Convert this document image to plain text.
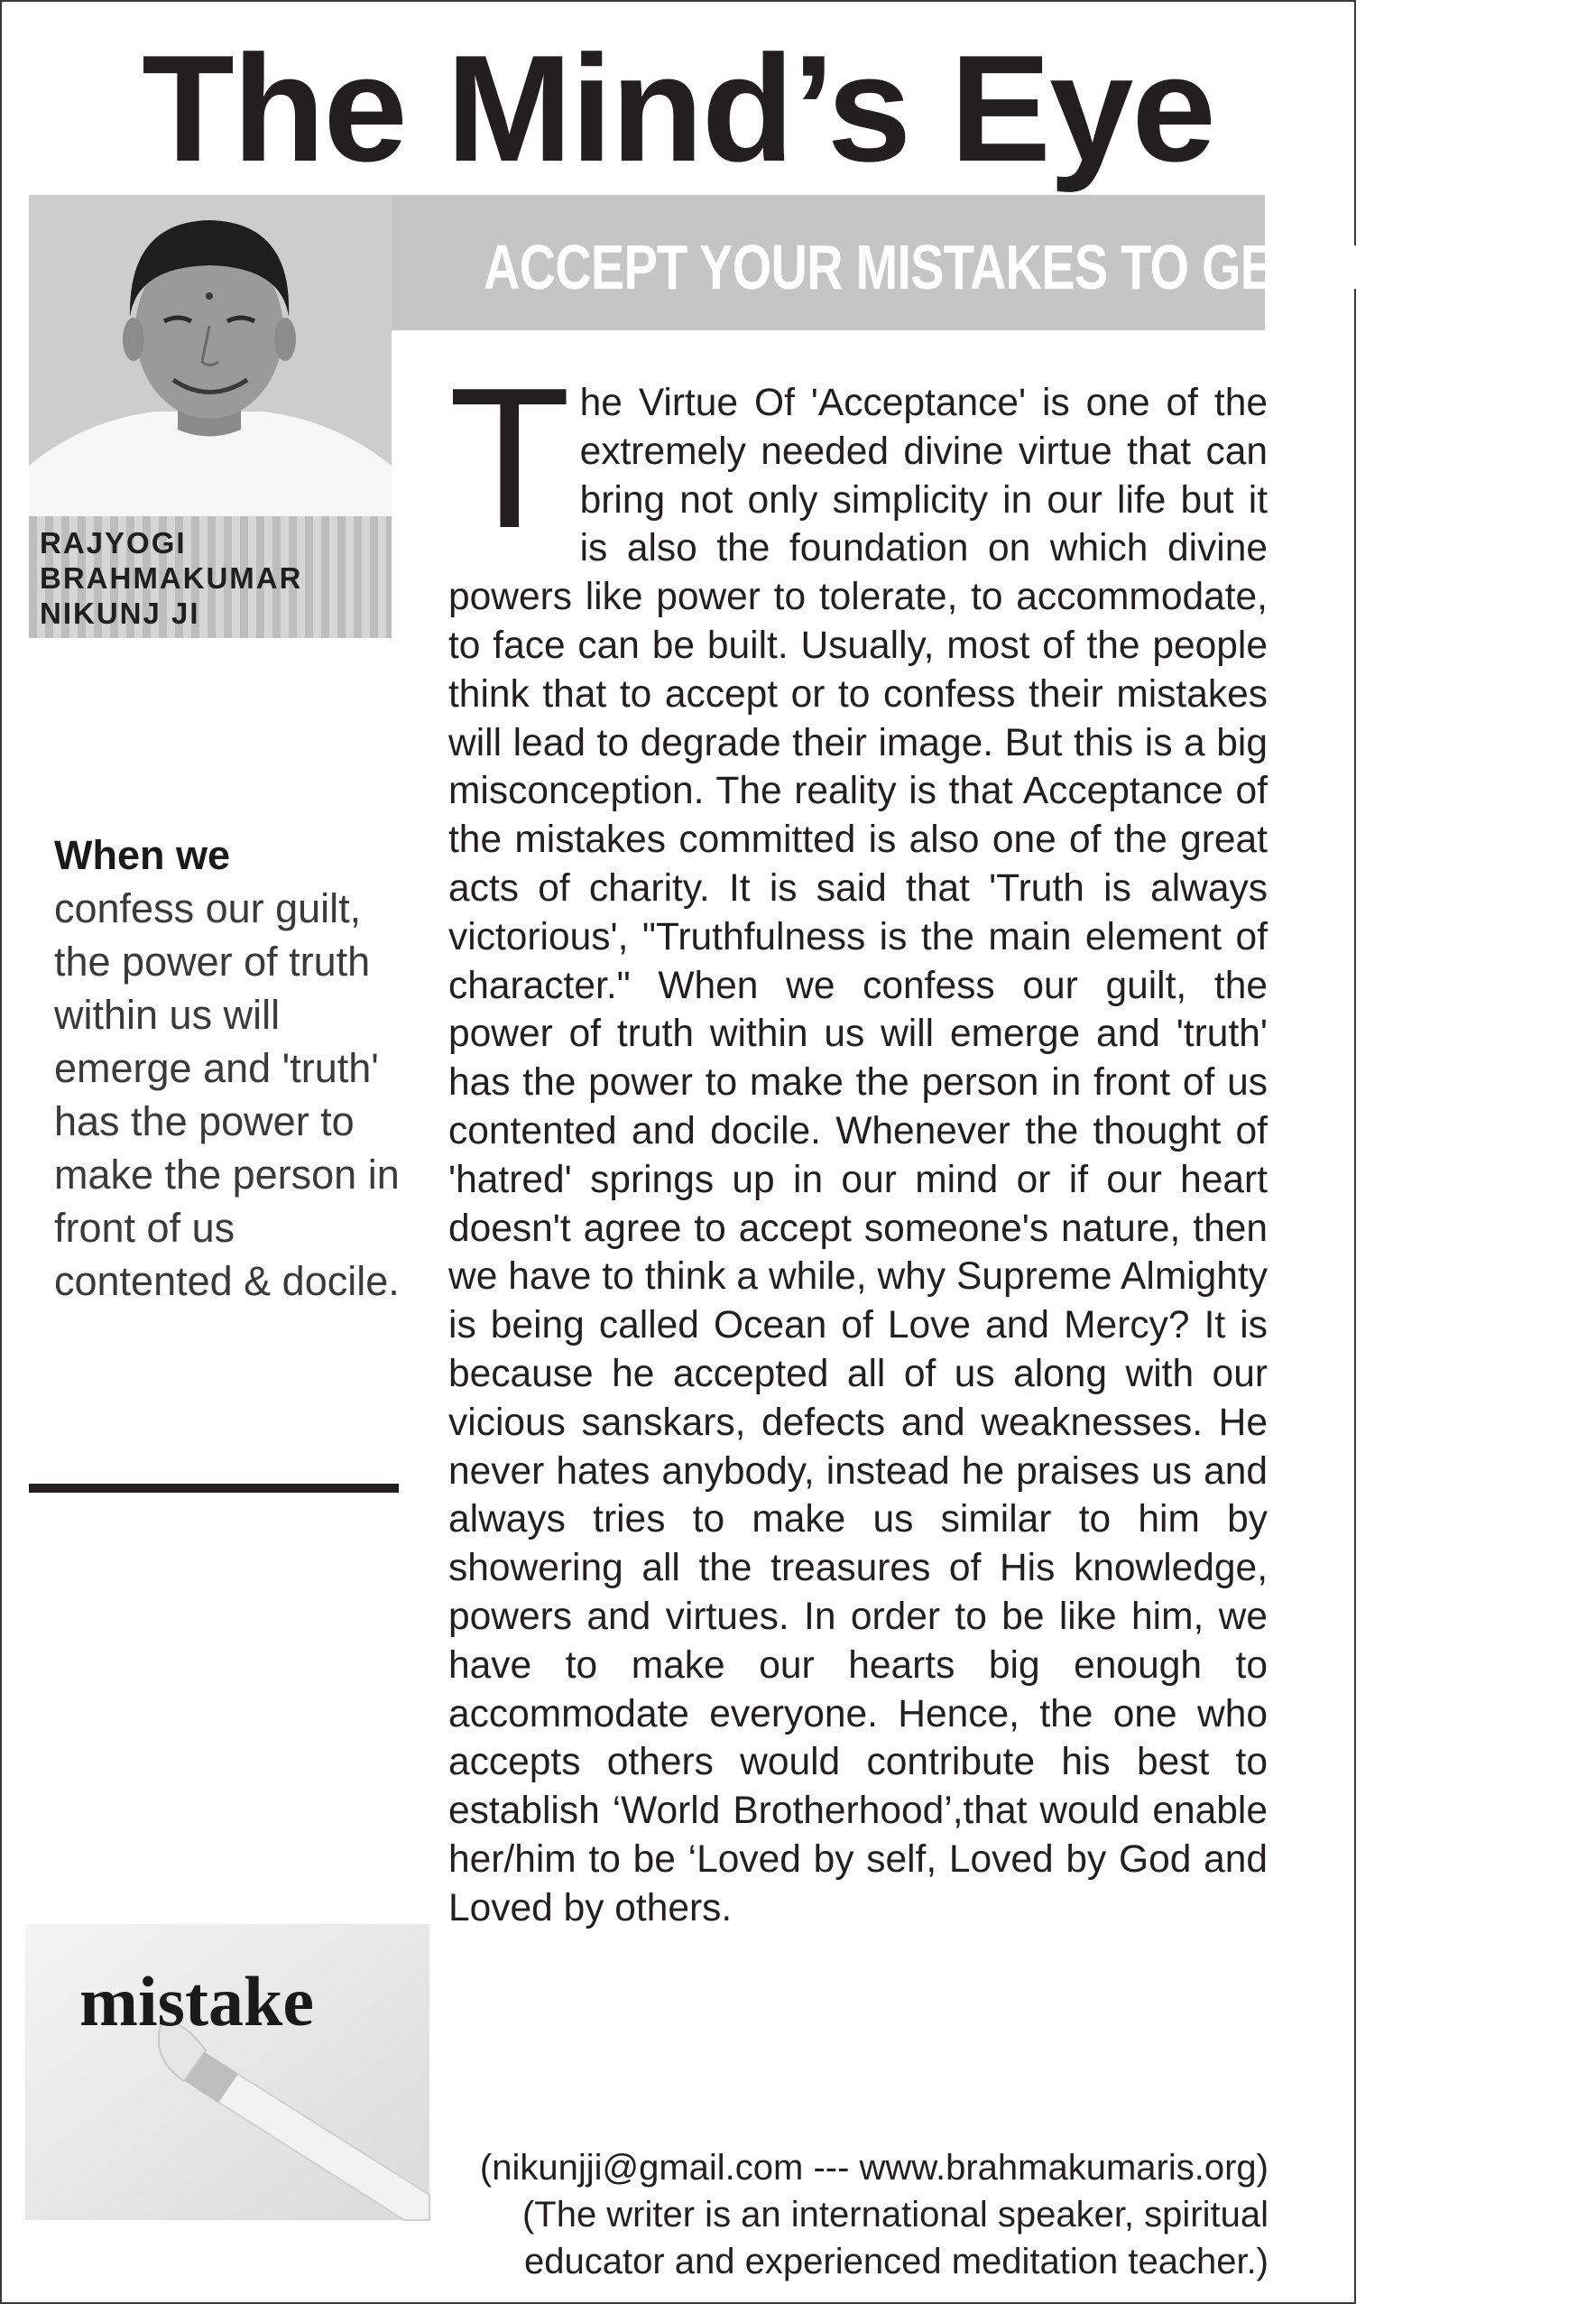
The Mind’s Eye
ACCEPT YOUR MISTAKES TO GET LIBERATED
RAJYOGI
BRAHMAKUMAR
NIKUNJ JI
When we
confess our guilt, the power of truth within us will emerge and 'truth' has the power to make the person in front of us contented & docile.
The Virtue Of 'Acceptance' is one of the extremely needed divine virtue that can bring not only simplicity in our life but it is also the foundation on which divine powers like power to tolerate, to accommodate, to face can be built. Usually, most of the people think that to accept or to confess their mistakes will lead to degrade their image. But this is a big misconception. The reality is that Acceptance of the mistakes committed is also one of the great acts of charity. It is said that 'Truth is always victorious', "Truthfulness is the main element of character." When we confess our guilt, the power of truth within us will emerge and 'truth' has the power to make the person in front of us contented and docile. Whenever the thought of 'hatred' springs up in our mind or if our heart doesn't agree to accept someone's nature, then we have to think a while, why Supreme Almighty is being called Ocean of Love and Mercy? It is because he accepted all of us along with our vicious sanskars, defects and weaknesses. He never hates anybody, instead he praises us and always tries to make us similar to him by showering all the treasures of His knowledge, powers and virtues. In order to be like him, we have to make our hearts big enough to accommodate everyone. Hence, the one who accepts others would contribute his best to establish ‘World Brotherhood’,that would enable her/him to be ‘Loved by self, Loved by God and Loved by others.
mistake
(nikunjji@gmail.com --- www.brahmakumaris.org)
(The writer is an international speaker, spiritual
educator and experienced meditation teacher.)
